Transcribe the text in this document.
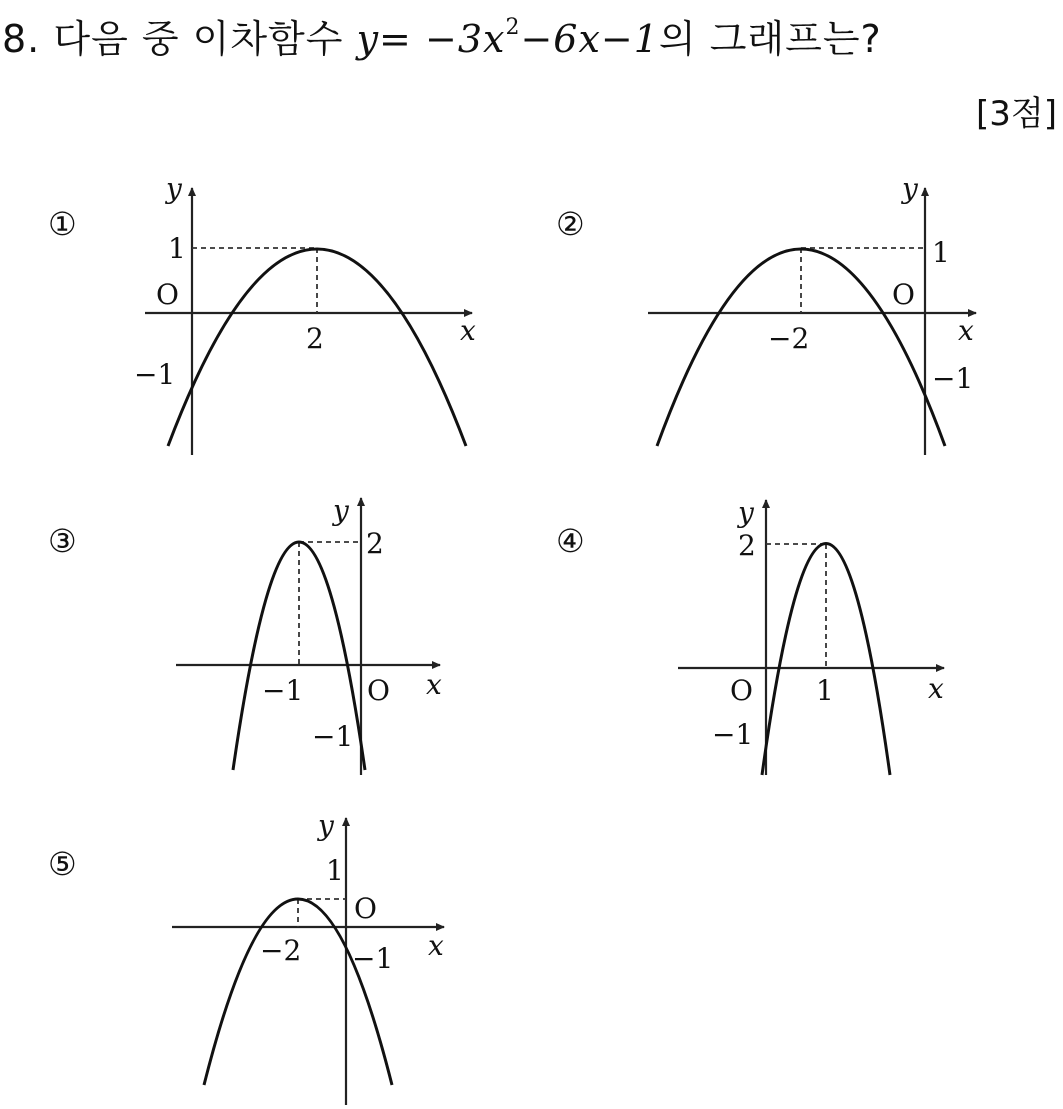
8. 다음 중 이차함수 $y= -3x^2-6x-1$의 그래프는?
[3점]
①	②
③	④
⑤
y
x
O
1
2
−1
y
x
O
1
−2
−1
y
x
O
2
−1
−1
y
x
O
2
1
−1
y
x
O
1
−2 −1
